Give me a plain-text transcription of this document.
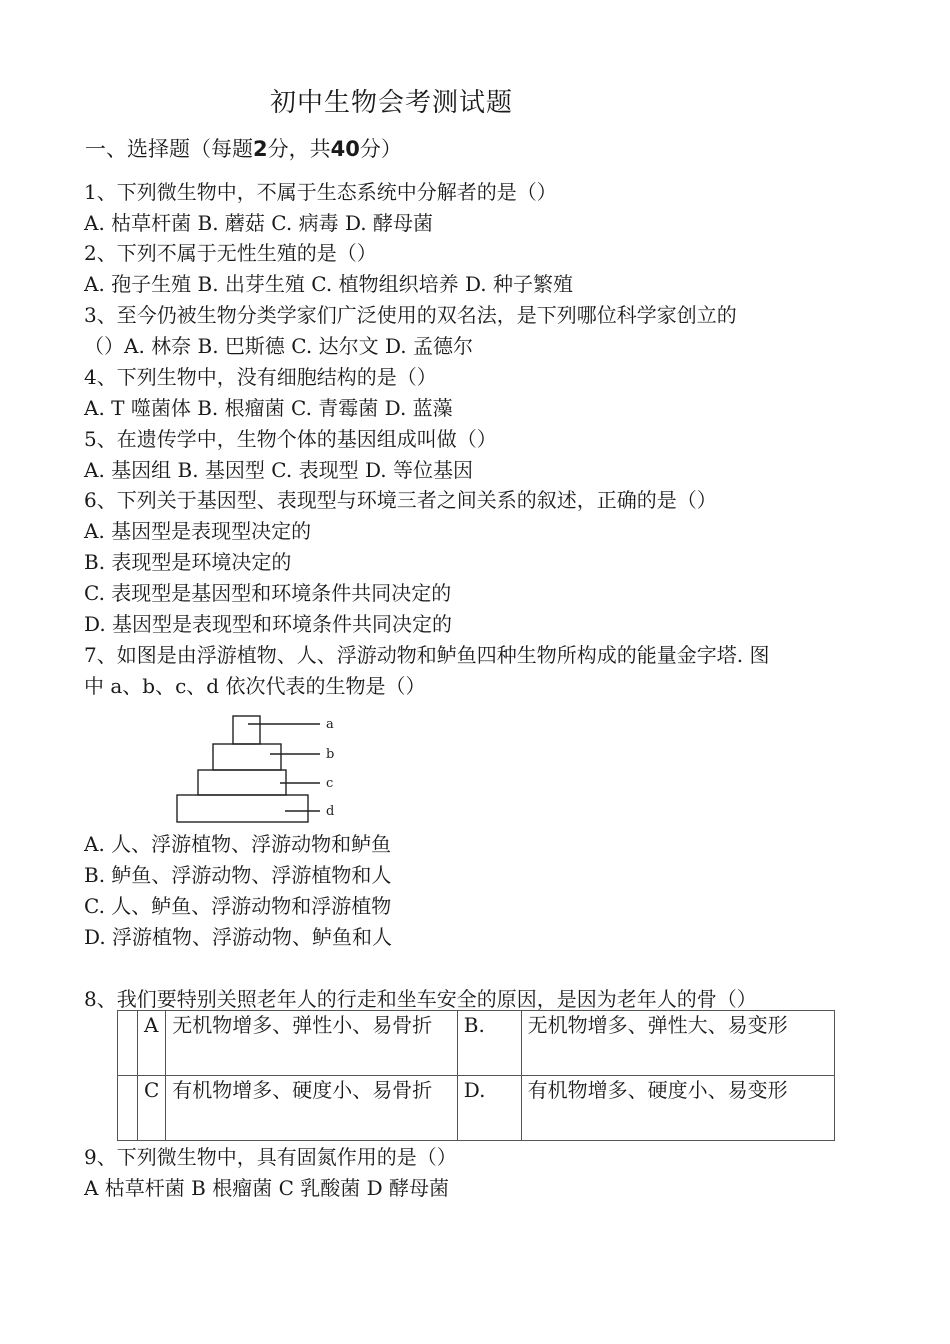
初中生物会考测试题
一、选择题（每题2分，共40分）
1、下列微生物中，不属于生态系统中分解者的是（）
A. 枯草杆菌 B. 蘑菇 C. 病毒 D. 酵母菌
2、下列不属于无性生殖的是（）
A. 孢子生殖 B. 出芽生殖 C. 植物组织培养 D. 种子繁殖
3、至今仍被生物分类学家们广泛使用的双名法，是下列哪位科学家创立的
（）A. 林奈 B. 巴斯德 C. 达尔文 D. 孟德尔
4、下列生物中，没有细胞结构的是（）
A. T 噬菌体 B. 根瘤菌 C. 青霉菌 D. 蓝藻
5、在遗传学中，生物个体的基因组成叫做（）
A. 基因组 B. 基因型 C. 表现型 D. 等位基因
6、下列关于基因型、表现型与环境三者之间关系的叙述，正确的是（）
A. 基因型是表现型决定的
B. 表现型是环境决定的
C. 表现型是基因型和环境条件共同决定的
D. 基因型是表现型和环境条件共同决定的
7、如图是由浮游植物、人、浮游动物和鲈鱼四种生物所构成的能量金字塔. 图
中 a、b、c、d 依次代表的生物是（）
a
b
c
d
A. 人、浮游植物、浮游动物和鲈鱼
B. 鲈鱼、浮游动物、浮游植物和人
C. 人、鲈鱼、浮游动物和浮游植物
D. 浮游植物、浮游动物、鲈鱼和人
8、我们要特别关照老年人的行走和坐车安全的原因，是因为老年人的骨（）
	A	无机物增多、弹性小、易骨折	B.	无机物增多、弹性大、易变形
	C	有机物增多、硬度小、易骨折	D.	有机物增多、硬度小、易变形
9、下列微生物中，具有固氮作用的是（）
A 枯草杆菌 B 根瘤菌 C 乳酸菌 D 酵母菌
